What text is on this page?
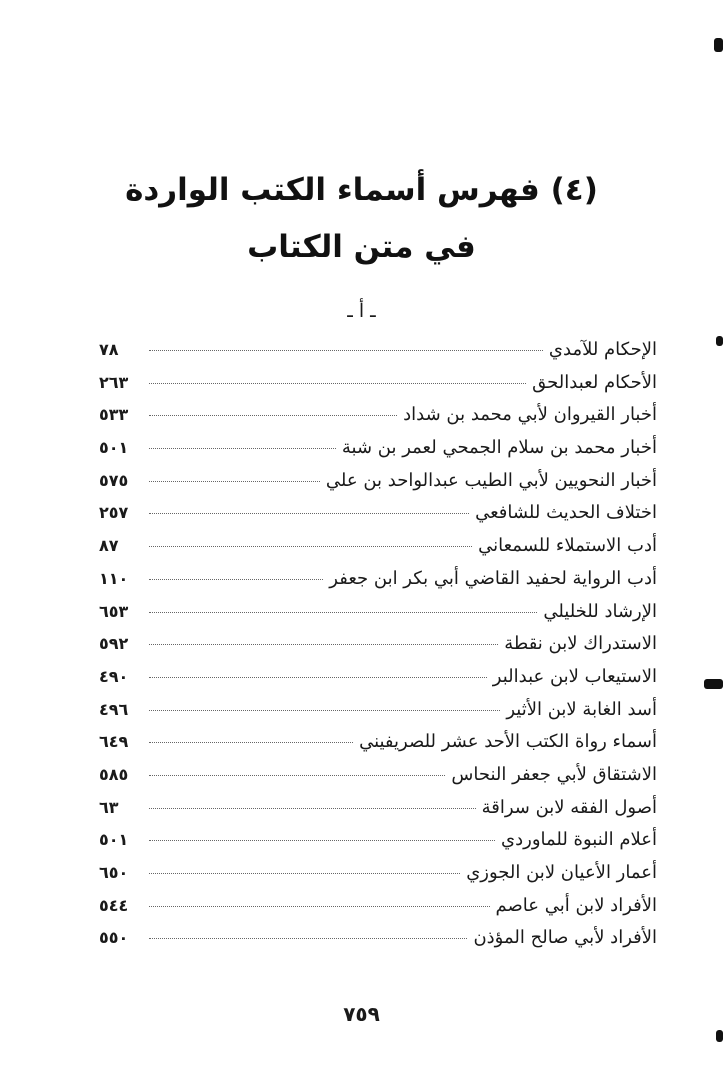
(٤) فهرس أسماء الكتب الواردة
في متن الكتاب
ـ أ ـ
الإحكام للآمدي
٧٨
الأحكام لعبدالحق
٢٦٣
أخبار القيروان لأبي محمد بن شداد
٥٣٣
أخبار محمد بن سلام الجمحي لعمر بن شبة
٥٠١
أخبار النحويين لأبي الطيب عبدالواحد بن علي
٥٧٥
اختلاف الحديث للشافعي
٢٥٧
أدب الاستملاء للسمعاني
٨٧
أدب الرواية لحفيد القاضي أبي بكر ابن جعفر
١١٠
الإرشاد للخليلي
٦٥٣
الاستدراك لابن نقطة
٥٩٢
الاستيعاب لابن عبدالبر
٤٩٠
أسد الغابة لابن الأثير
٤٩٦
أسماء رواة الكتب الأحد عشر للصريفيني
٦٤٩
الاشتقاق لأبي جعفر النحاس
٥٨٥
أصول الفقه لابن سراقة
٦٣
أعلام النبوة للماوردي
٥٠١
أعمار الأعيان لابن الجوزي
٦٥٠
الأفراد لابن أبي عاصم
٥٤٤
الأفراد لأبي صالح المؤذن
٥٥٠
٧٥٩
